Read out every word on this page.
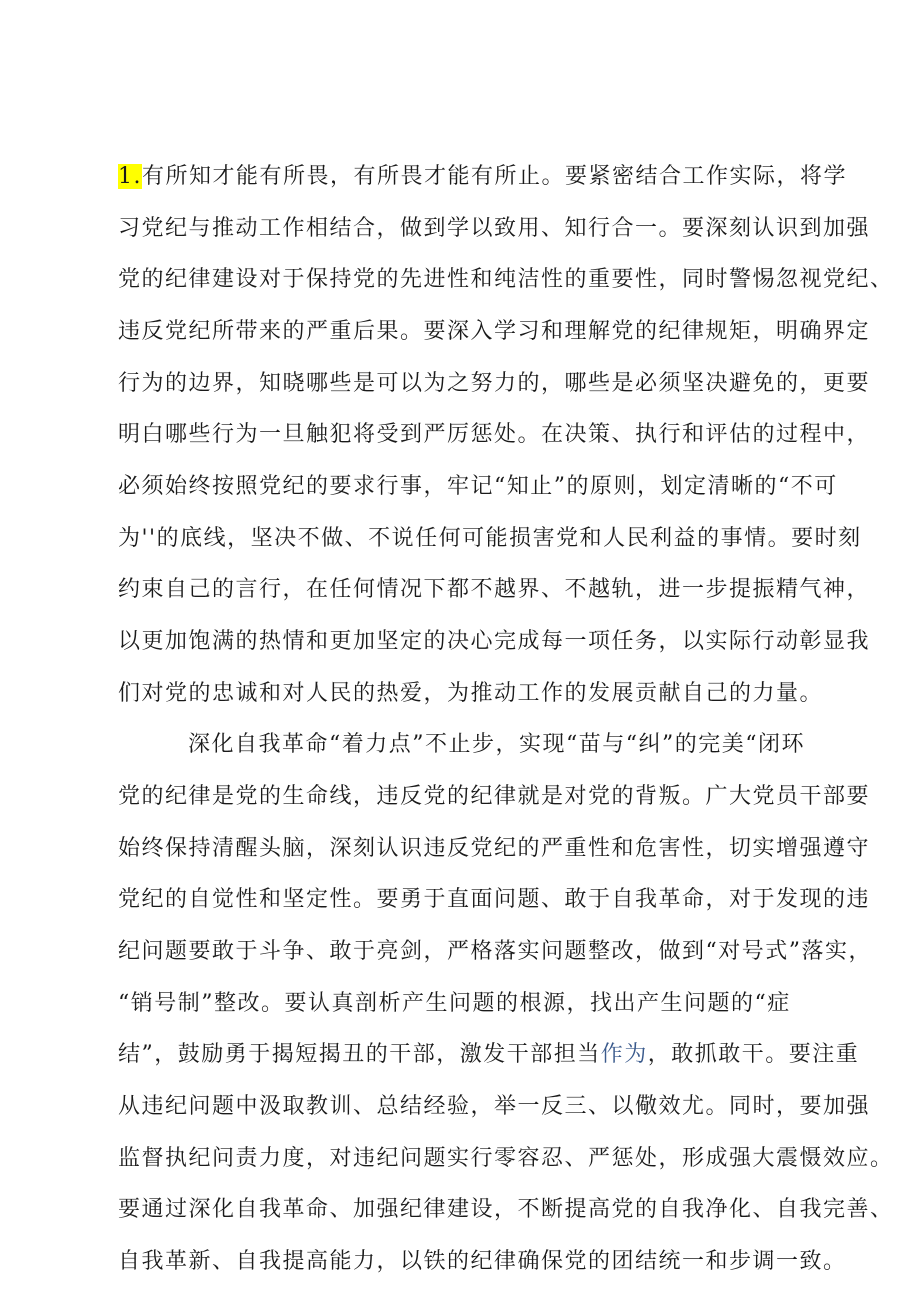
1.有所知才能有所畏，有所畏才能有所止。要紧密结合工作实际，将学
习党纪与推动工作相结合，做到学以致用、知行合一。要深刻认识到加强
党的纪律建设对于保持党的先进性和纯洁性的重要性，同时警惕忽视党纪、
违反党纪所带来的严重后果。要深入学习和理解党的纪律规矩，明确界定
行为的边界，知晓哪些是可以为之努力的，哪些是必须坚决避免的，更要
明白哪些行为一旦触犯将受到严厉惩处。在决策、执行和评估的过程中，
必须始终按照党纪的要求行事，牢记“知止”的原则，划定清晰的“不可
为''的底线，坚决不做、不说任何可能损害党和人民利益的事情。要时刻
约束自己的言行，在任何情况下都不越界、不越轨，进一步提振精气神，
以更加饱满的热情和更加坚定的决心完成每一项任务，以实际行动彰显我
们对党的忠诚和对人民的热爱，为推动工作的发展贡献自己的力量。
深化自我革命“着力点”不止步，实现“苗与“纠”的完美“闭环
党的纪律是党的生命线，违反党的纪律就是对党的背叛。广大党员干部要
始终保持清醒头脑，深刻认识违反党纪的严重性和危害性，切实增强遵守
党纪的自觉性和坚定性。要勇于直面问题、敢于自我革命，对于发现的违
纪问题要敢于斗争、敢于亮剑，严格落实问题整改，做到“对号式”落实，
“销号制”整改。要认真剖析产生问题的根源，找出产生问题的“症
结”，鼓励勇于揭短揭丑的干部，激发干部担当作为，敢抓敢干。要注重
从违纪问题中汲取教训、总结经验，举一反三、以儆效尤。同时，要加强
监督执纪问责力度，对违纪问题实行零容忍、严惩处，形成强大震慑效应。
要通过深化自我革命、加强纪律建设，不断提高党的自我净化、自我完善、
自我革新、自我提高能力，以铁的纪律确保党的团结统一和步调一致。
